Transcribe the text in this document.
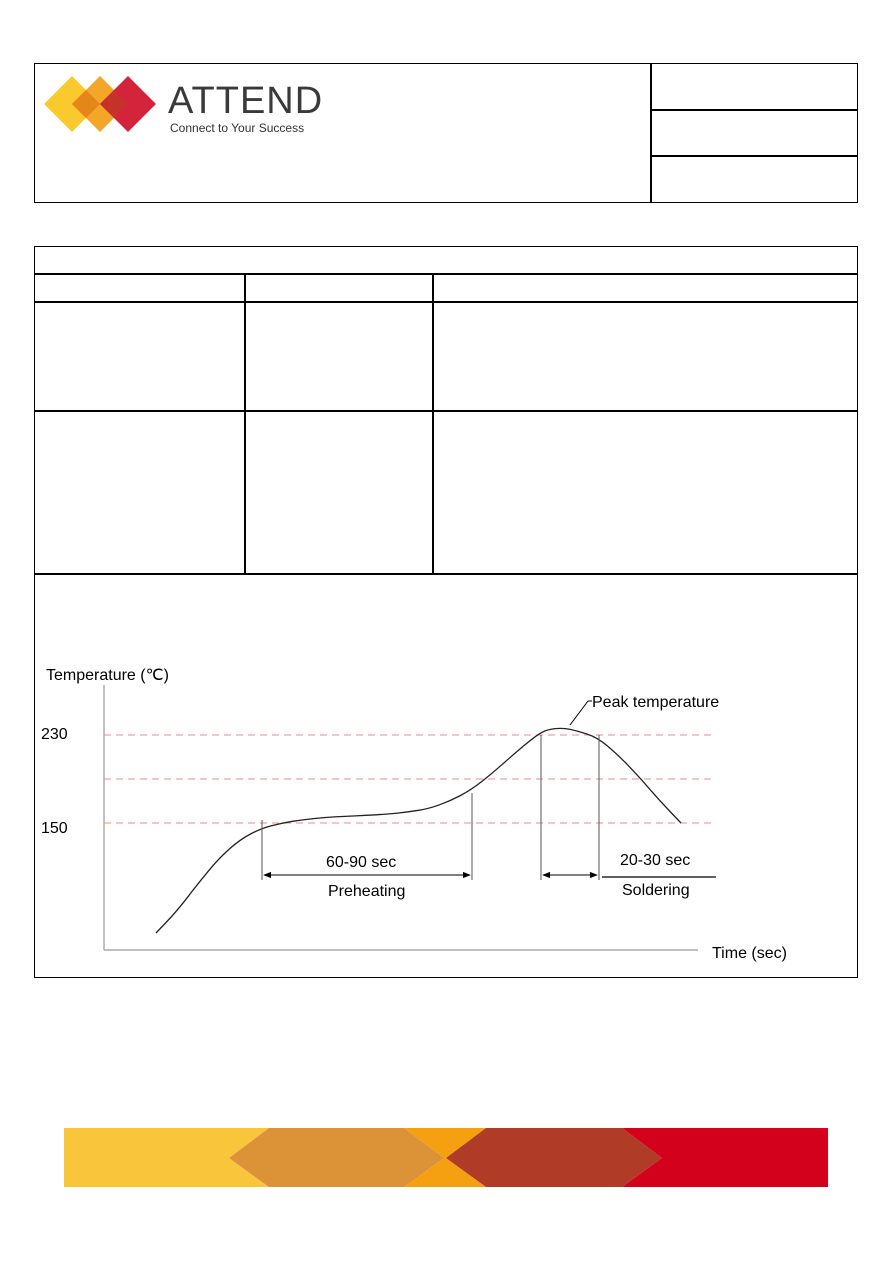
ATTEND
Connect to Your Success
Temperature (℃)
230
150
Time (sec)
Peak temperature
60-90 sec
Preheating
20-30 sec
Soldering
